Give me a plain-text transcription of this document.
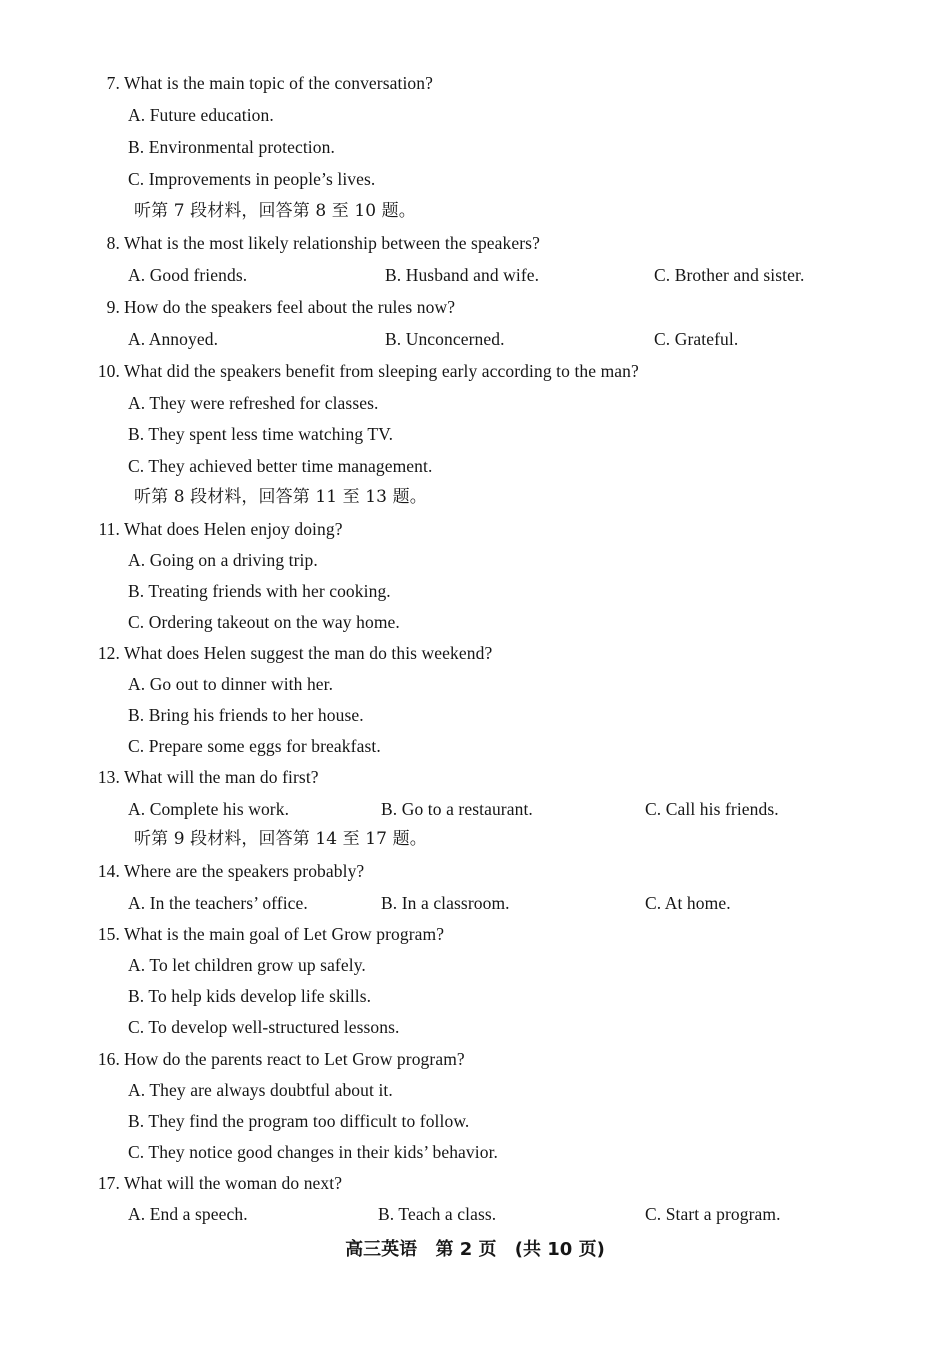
7. What is the main topic of the conversation?
A. Future education.
B. Environmental protection.
C. Improvements in people’s lives.
听第 7 段材料，回答第 8 至 10 题。
8. What is the most likely relationship between the speakers?
A. Good friends.	B. Husband and wife.	C. Brother and sister.
9. How do the speakers feel about the rules now?
A. Annoyed.	B. Unconcerned.	C. Grateful.
10. What did the speakers benefit from sleeping early according to the man?
A. They were refreshed for classes.
B. They spent less time watching TV.
C. They achieved better time management.
听第 8 段材料，回答第 11 至 13 题。
11. What does Helen enjoy doing?
A. Going on a driving trip.
B. Treating friends with her cooking.
C. Ordering takeout on the way home.
12. What does Helen suggest the man do this weekend?
A. Go out to dinner with her.
B. Bring his friends to her house.
C. Prepare some eggs for breakfast.
13. What will the man do first?
A. Complete his work.	B. Go to a restaurant.	C. Call his friends.
听第 9 段材料，回答第 14 至 17 题。
14. Where are the speakers probably?
A. In the teachers’ office.	B. In a classroom.	C. At home.
15. What is the main goal of Let Grow program?
A. To let children grow up safely.
B. To help kids develop life skills.
C. To develop well-structured lessons.
16. How do the parents react to Let Grow program?
A. They are always doubtful about it.
B. They find the program too difficult to follow.
C. They notice good changes in their kids’ behavior.
17. What will the woman do next?
A. End a speech.	B. Teach a class.	C. Start a program.
高三英语 第 2 页 (共 10 页)
